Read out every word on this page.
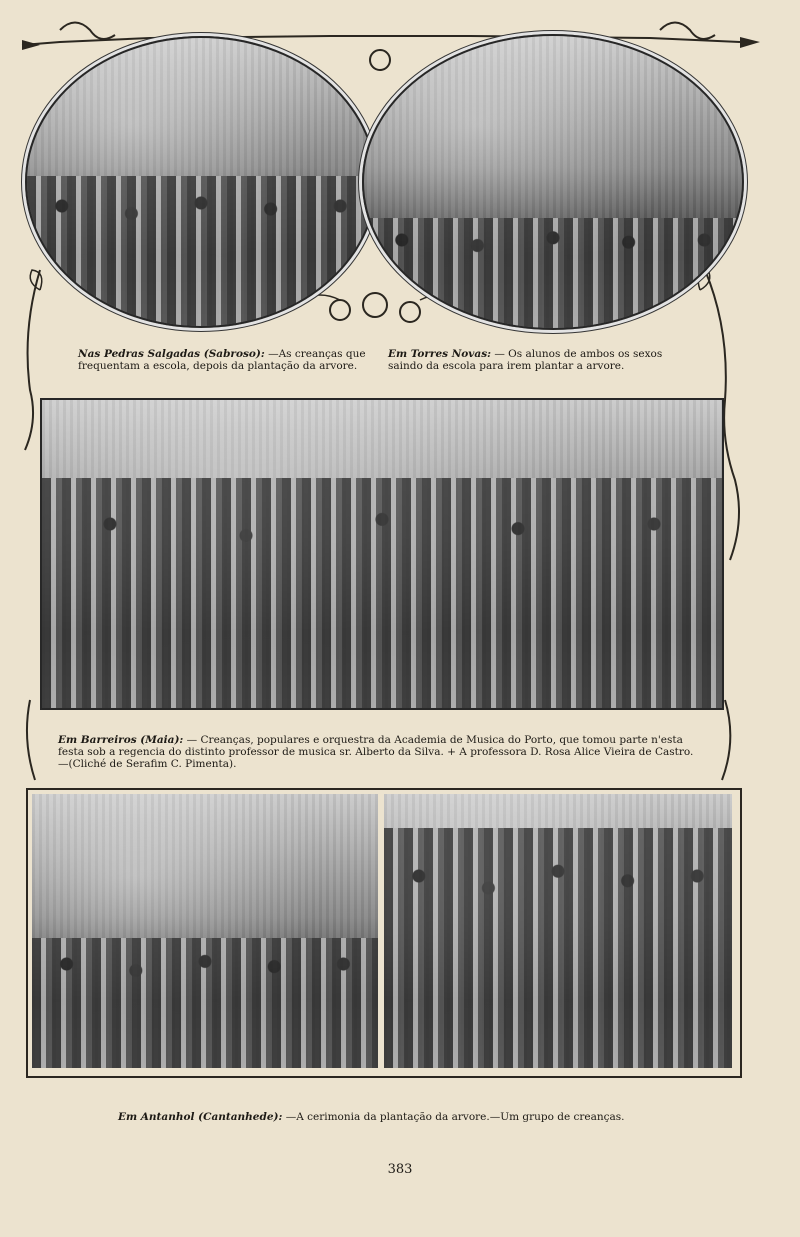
Nas Pedras Salgadas (Sabroso): —As creanças que frequentam a escola, depois da plantação da arvore.
Em Torres Novas: — Os alunos de ambos os sexos saindo da escola para irem plantar a arvore.
Em Barreiros (Maia): — Creanças, populares e orquestra da Academia de Musica do Porto, que tomou parte n'esta festa sob a regencia do distinto professor de musica sr. Alberto da Silva. + A professora D. Rosa Alice Vieira de Castro.—(Cliché de Serafim C. Pimenta).
Em Antanhol (Cantanhede): —A cerimonia da plantação da arvore.—Um grupo de creanças.
383
